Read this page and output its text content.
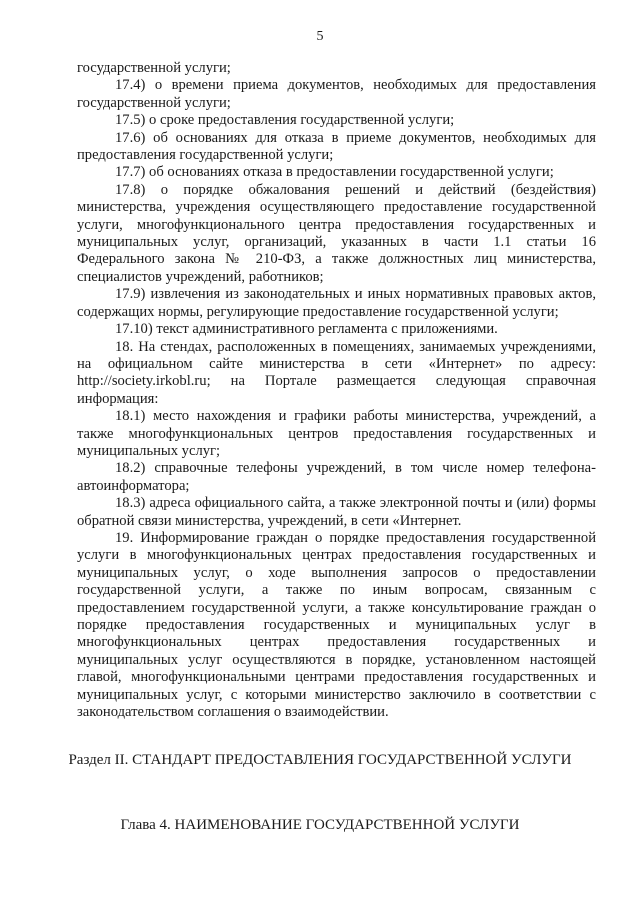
5

государственной услуги;

17.4) о времени приема документов, необходимых для предоставления государственной услуги;

17.5) о сроке предоставления государственной услуги;

17.6) об основаниях для отказа в приеме документов, необходимых для предоставления государственной услуги;

17.7) об основаниях отказа в предоставлении государственной услуги;

17.8) о порядке обжалования решений и действий (бездействия) министерства, учреждения осуществляющего предоставление государственной услуги, многофункционального центра предоставления государственных и муниципальных услуг, организаций, указанных в части 1.1 статьи 16 Федерального закона № 210-ФЗ, а также должностных лиц министерства, специалистов учреждений, работников;

17.9) извлечения из законодательных и иных нормативных правовых актов, содержащих нормы, регулирующие предоставление государственной услуги;

17.10) текст административного регламента с приложениями.

18. На стендах, расположенных в помещениях, занимаемых учреждениями, на официальном сайте министерства в сети «Интернет» по адресу: http://society.irkobl.ru; на Портале размещается следующая справочная информация:

18.1) место нахождения и графики работы министерства, учреждений, а также многофункциональных центров предоставления государственных и муниципальных услуг;

18.2) справочные телефоны учреждений, в том числе номер телефона-автоинформатора;

18.3) адреса официального сайта, а также электронной почты и (или) формы обратной связи министерства, учреждений, в сети «Интернет.

19. Информирование граждан о порядке предоставления государственной услуги в многофункциональных центрах предоставления государственных и муниципальных услуг, о ходе выполнения запросов о предоставлении государственной услуги, а также по иным вопросам, связанным с предоставлением государственной услуги, а также консультирование граждан о порядке предоставления государственных и муниципальных услуг в многофункциональных центрах предоставления государственных и муниципальных услуг осуществляются в порядке, установленном настоящей главой, многофункциональными центрами предоставления государственных и муниципальных услуг, с которыми министерство заключило в соответствии с законодательством соглашения о взаимодействии.

Раздел II. СТАНДАРТ ПРЕДОСТАВЛЕНИЯ ГОСУДАРСТВЕННОЙ УСЛУГИ
Глава 4. НАИМЕНОВАНИЕ ГОСУДАРСТВЕННОЙ УСЛУГИ
